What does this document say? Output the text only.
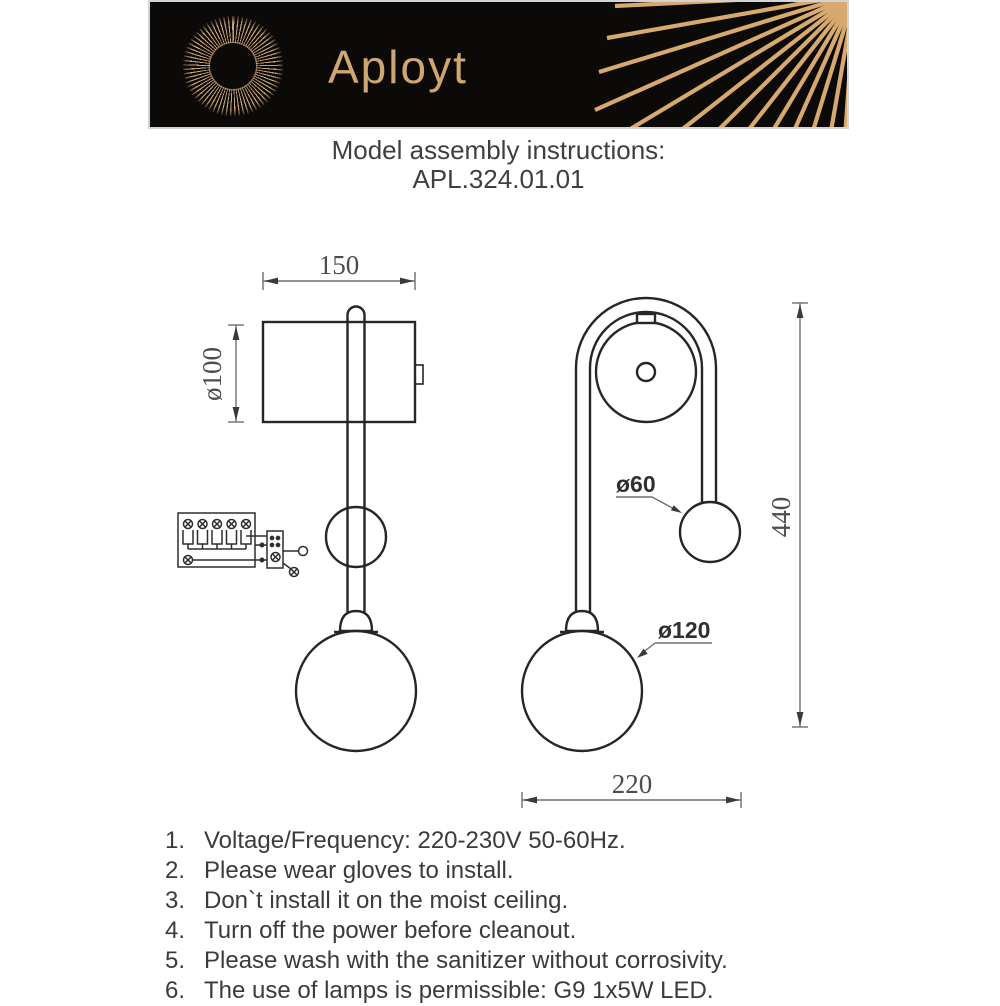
Aployt

Model assembly instructions:

APL.324.01.01

150
ø100
ø60
ø120
440
220
1. Voltage/Frequency: 220-230V 50-60Hz.
2. Please wear gloves to install.
3. Don`t install it on the moist ceiling.
4. Turn off the power before cleanout.
5. Please wash with the sanitizer without corrosivity.
6. The use of lamps is permissible: G9 1x5W LED.
